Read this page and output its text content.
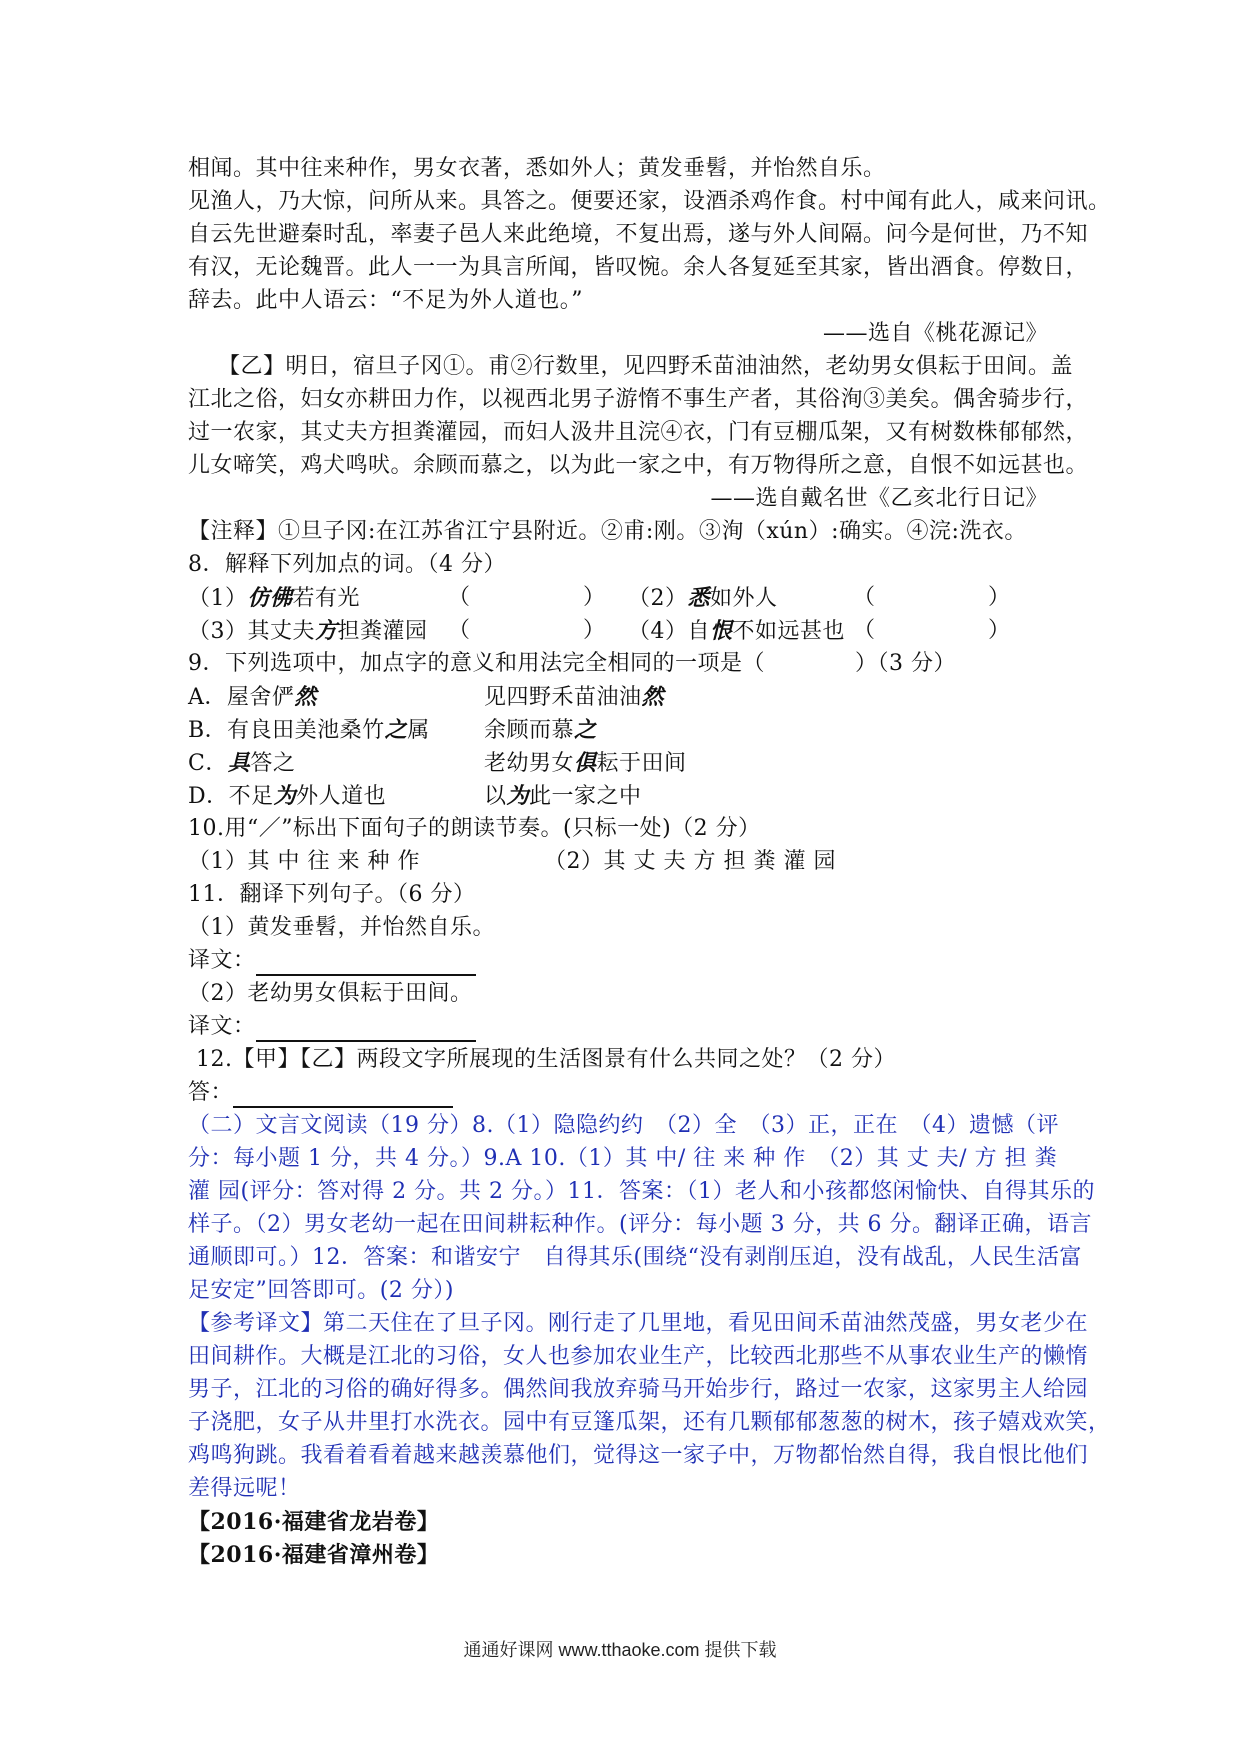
相闻。其中往来种作，男女衣著，悉如外人；黄发垂髫，并怡然自乐。
见渔人，乃大惊，问所从来。具答之。便要还家，设酒杀鸡作食。村中闻有此人，咸来问讯。
自云先世避秦时乱，率妻子邑人来此绝境，不复出焉，遂与外人间隔。问今是何世，乃不知
有汉，无论魏晋。此人一一为具言所闻，皆叹惋。余人各复延至其家，皆出酒食。停数日，
辞去。此中人语云：“不足为外人道也。”
——选自《桃花源记》
【乙】明日，宿旦子冈①。甫②行数里，见四野禾苗油油然，老幼男女俱耘于田间。盖
江北之俗，妇女亦耕田力作，以视西北男子游惰不事生产者，其俗洵③美矣。偶舍骑步行，
过一农家，其丈夫方担粪灌园，而妇人汲井且浣④衣，门有豆棚瓜架，又有树数株郁郁然，
儿女啼笑，鸡犬鸣吠。余顾而慕之，以为此一家之中，有万物得所之意，自恨不如远甚也。
——选自戴名世《乙亥北行日记》
【注释】①旦子冈:在江苏省江宁县附近。②甫:刚。③洵（xún）:确实。④浣:洗衣。
8．解释下列加点的词。（4 分）
（1）仿佛若有光	（　　　　　） （2）悉如外人	（　　　　　）
（3）其丈夫方担粪灌园 （　　　　　） （4）自恨不如远甚也 （　　　　　）
9．下列选项中，加点字的意义和用法完全相同的一项是（　　　　）（3 分）
A．屋舍俨然	见四野禾苗油油然
B．有良田美池桑竹之属 余顾而慕之
C．具答之	老幼男女俱耘于田间
D．不足为外人道也	以为此一家之中
10.用“／”标出下面句子的朗读节奏。(只标一处)（2 分）
（1）其 中 往 来 种 作	（2）其 丈 夫 方 担 粪 灌 园
11．翻译下列句子。（6 分）
（1）黄发垂髫，并怡然自乐。
译文：
（2）老幼男女俱耘于田间。
译文：
12.【甲】【乙】两段文字所展现的生活图景有什么共同之处？（2 分）
答：
（二）文言文阅读（19 分）8.（1）隐隐约约　（2）全　（3）正，正在　（4）遗憾（评
分：每小题 1 分，共 4 分。）9.A 10.（1）其 中/ 往 来 种 作　（2）其 丈 夫/ 方 担 粪
灌 园(评分：答对得 2 分。共 2 分。）11．答案：（1）老人和小孩都悠闲愉快、自得其乐的
样子。（2）男女老幼一起在田间耕耘种作。(评分：每小题 3 分，共 6 分。翻译正确，语言
通顺即可。）12．答案：和谐安宁　自得其乐(围绕“没有剥削压迫，没有战乱，人民生活富
足安定”回答即可。(2 分）)
【参考译文】第二天住在了旦子冈。刚行走了几里地，看见田间禾苗油然茂盛，男女老少在
田间耕作。大概是江北的习俗，女人也参加农业生产，比较西北那些不从事农业生产的懒惰
男子，江北的习俗的确好得多。偶然间我放弃骑马开始步行，路过一农家，这家男主人给园
子浇肥，女子从井里打水洗衣。园中有豆篷瓜架，还有几颗郁郁葱葱的树木，孩子嬉戏欢笑，
鸡鸣狗跳。我看着看着越来越羡慕他们，觉得这一家子中，万物都怡然自得，我自恨比他们
差得远呢！
【2016·福建省龙岩卷】
【2016·福建省漳州卷】
通通好课网 www.tthaoke.com 提供下载
